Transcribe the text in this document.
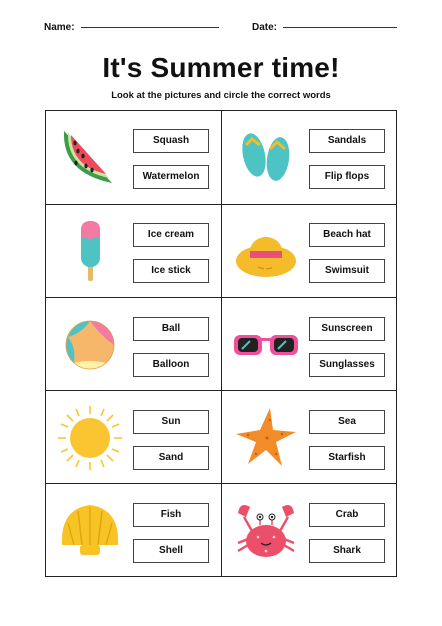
Name:	Date:
It's Summer time!
Look at the pictures and circle the correct words
Squash
Watermelon
Sandals
Flip flops
Ice cream
Ice stick
Beach hat
Swimsuit
Ball
Balloon
Sunscreen
Sunglasses
Sun
Sand
Sea
Starfish
Fish
Shell
Crab
Shark
